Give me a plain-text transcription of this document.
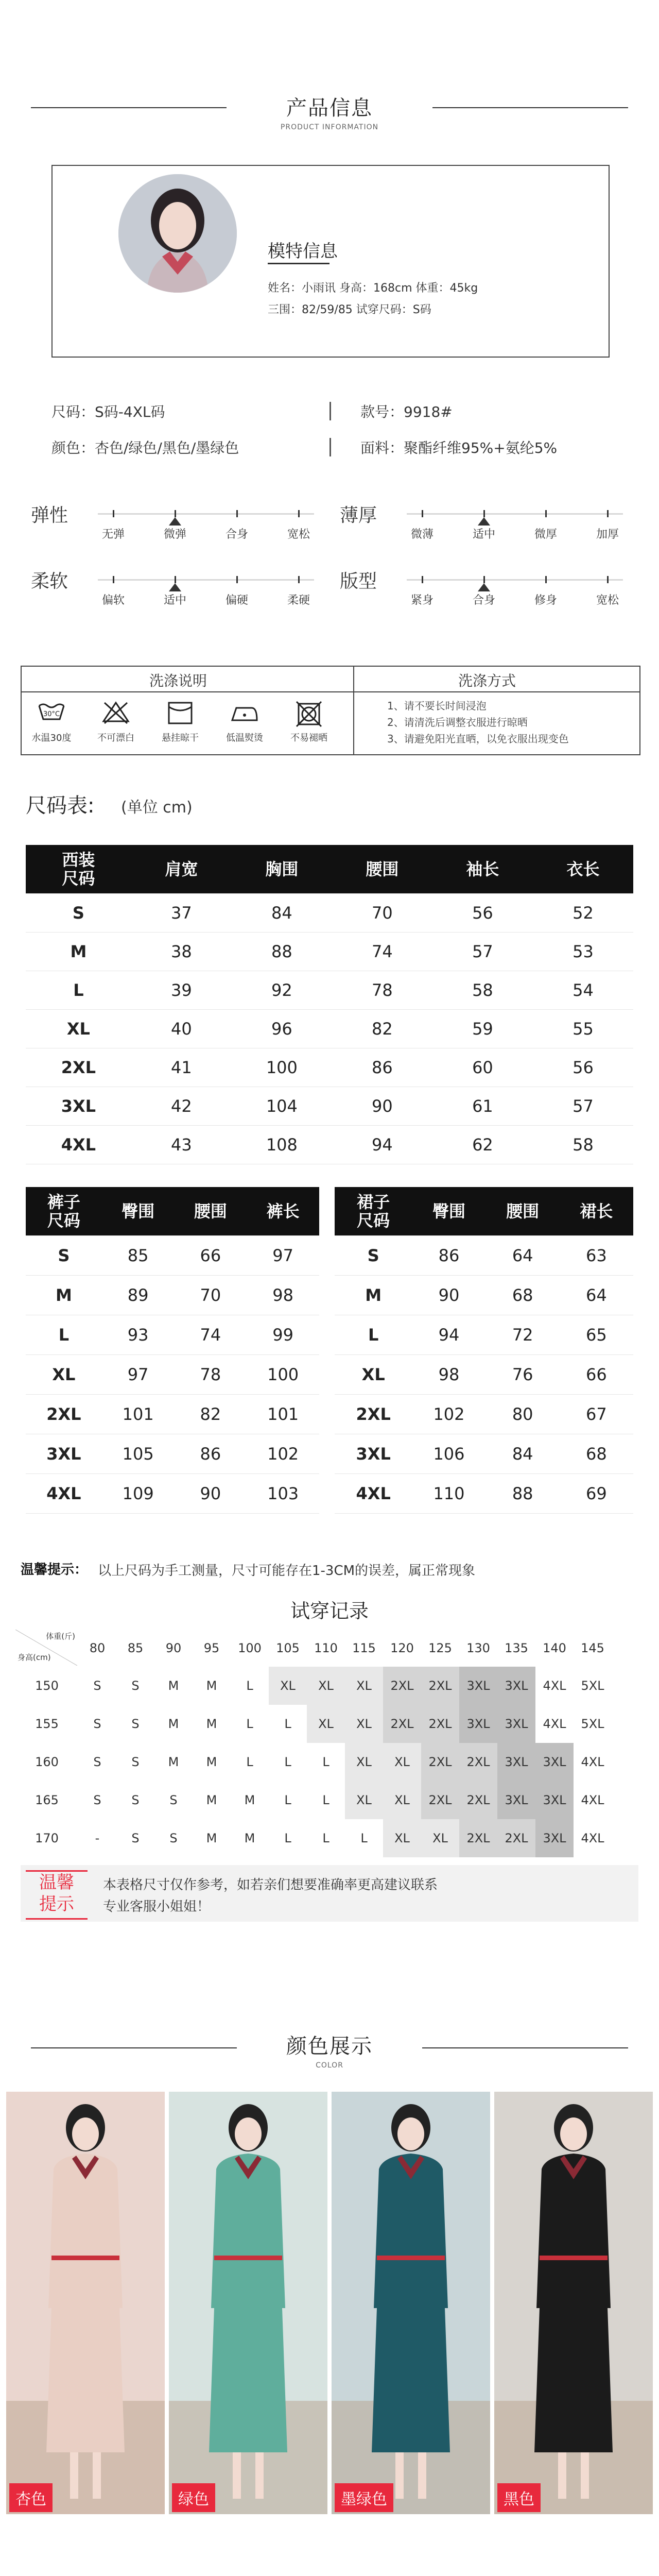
产品信息
PRODUCT INFORMATION
模特信息
姓名：小雨讯 身高：168cm 体重：45kg
三围：82/59/85 试穿尺码：S码
尺码：S码-4XL码
颜色：杏色/绿色/黑色/墨绿色
款号：9918#
面料：聚酯纤维95%+氨纶5%
弹性
无弹	微弹	合身	宽松
薄厚
微薄	适中	微厚	加厚
柔软
偏软	适中	偏硬	柔硬
版型
紧身	合身	修身	宽松
洗涤说明	洗涤方式
30°C
水温30度	不可漂白	悬挂晾干	低温熨烫	不易褪晒
1、请不要长时间浸泡
2、请清洗后调整衣服进行晾晒
3、请避免阳光直晒，以免衣服出现变色
尺码表: (单位 cm)
西装
尺码	肩宽	胸围	腰围	袖长	衣长
S	37	84	70	56	52
M	38	88	74	57	53
L	39	92	78	58	54
XL	40	96	82	59	55
2XL	41	100	86	60	56
3XL	42	104	90	61	57
4XL	43	108	94	62	58
裤子
尺码	臀围	腰围	裤长
S	85	66	97
M	89	70	98
L	93	74	99
XL	97	78	100
2XL	101	82	101
3XL	105	86	102
4XL	109	90	103
裙子
尺码	臀围	腰围	裙长
S	86	64	63
M	90	68	64
L	94	72	65
XL	98	76	66
2XL	102	80	67
3XL	106	84	68
4XL	110	88	69
温馨提示： 以上尺码为手工测量，尺寸可能存在1-3CM的误差，属正常现象
试穿记录
体重(斤)
身高(cm)
	80	85	90	95	100	105	110	115	120	125	130	135	140	145
150	S	S	M	M	L	XL	XL	XL	2XL	2XL	3XL	3XL	4XL	5XL
155	S	S	M	M	L	L	XL	XL	2XL	2XL	3XL	3XL	4XL	5XL
160	S	S	M	M	L	L	L	XL	XL	2XL	2XL	3XL	3XL	4XL
165	S	S	S	M	M	L	L	XL	XL	2XL	2XL	3XL	3XL	4XL
170	-	S	S	M	M	L	L	L	XL	XL	2XL	2XL	3XL	4XL
温馨
提示
本表格尺寸仅作参考，如若亲们想要准确率更高建议联系
专业客服小姐姐！
颜色展示
COLOR
杏色	绿色	墨绿色	黑色
